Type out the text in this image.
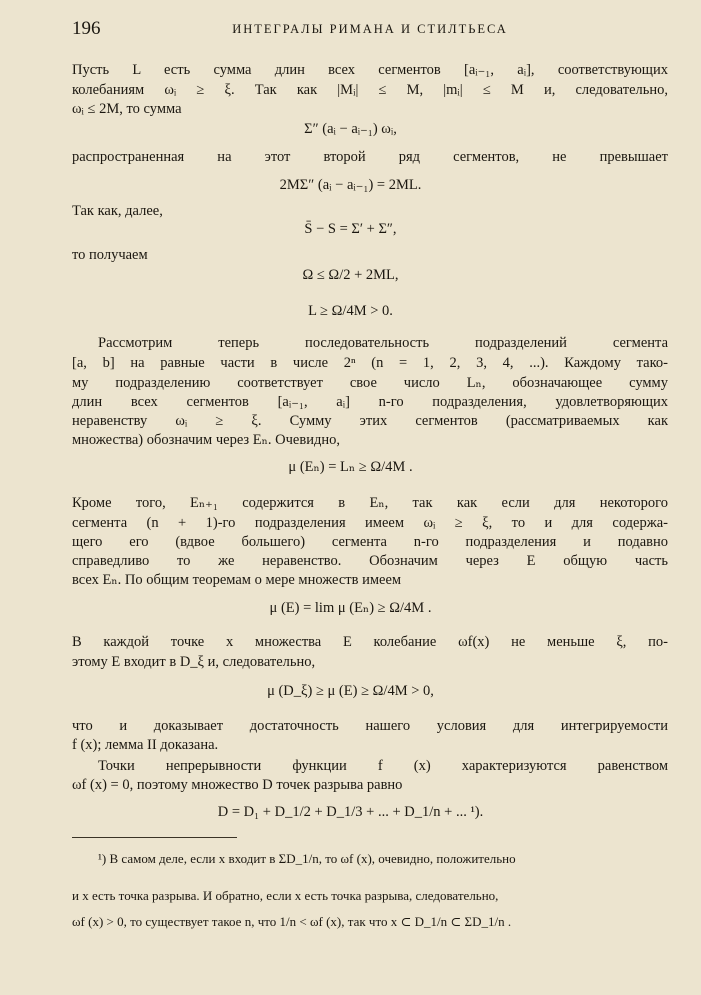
196	ИНТЕГРАЛЫ РИМАНА И СТИЛТЬЕСА
Пусть L есть сумма длин всех сегментов [aᵢ₋₁, aᵢ], соответствующих
колебаниям ωᵢ ≥ ξ. Так как |Mᵢ| ≤ M, |mᵢ| ≤ M и, следовательно,
ωᵢ ≤ 2M, то сумма
Σ″ (aᵢ − aᵢ₋₁) ωᵢ,
распространенная на этот второй ряд сегментов, не превышает
2MΣ″ (aᵢ − aᵢ₋₁) = 2ML.
Так как, далее,
S̄ − S = Σ′ + Σ″,
то получаем
Ω ≤ Ω/2 + 2ML,
L ≥ Ω/4M > 0.
Рассмотрим теперь последовательность подразделений сегмента
[a, b] на равные части в числе 2ⁿ (n = 1, 2, 3, 4, ...). Каждому тако-
му подразделению соответствует свое число Lₙ, обозначающее сумму
длин всех сегментов [aᵢ₋₁, aᵢ] n-го подразделения, удовлетворяющих
неравенству ωᵢ ≥ ξ. Сумму этих сегментов (рассматриваемых как
множества) обозначим через Eₙ. Очевидно,
μ (Eₙ) = Lₙ ≥ Ω/4M .
Кроме того, Eₙ₊₁ содержится в Eₙ, так как если для некоторого
сегмента (n + 1)-го подразделения имеем ωᵢ ≥ ξ, то и для содержа-
щего его (вдвое большего) сегмента n-го подразделения и подавно
справедливо то же неравенство. Обозначим через E общую часть
всех Eₙ. По общим теоремам о мере множеств имеем
μ (E) = lim μ (Eₙ) ≥ Ω/4M .
В каждой точке x множества E колебание ωf(x) не меньше ξ, по-
этому E входит в D_ξ и, следовательно,
μ (D_ξ) ≥ μ (E) ≥ Ω/4M > 0,
что и доказывает достаточность нашего условия для интегрируемости
f (x); лемма II доказана.
Точки непрерывности функции f (x) характеризуются равенством
ωf (x) = 0, поэтому множество D точек разрыва равно
D = D₁ + D_1/2 + D_1/3 + ... + D_1/n + ... ¹).
¹) В самом деле, если x входит в ΣD_1/n, то ωf (x), очевидно, положительно
и x есть точка разрыва. И обратно, если x есть точка разрыва, следовательно,
ωf (x) > 0, то существует такое n, что 1/n < ωf (x), так что x ⊂ D_1/n ⊂ ΣD_1/n .
